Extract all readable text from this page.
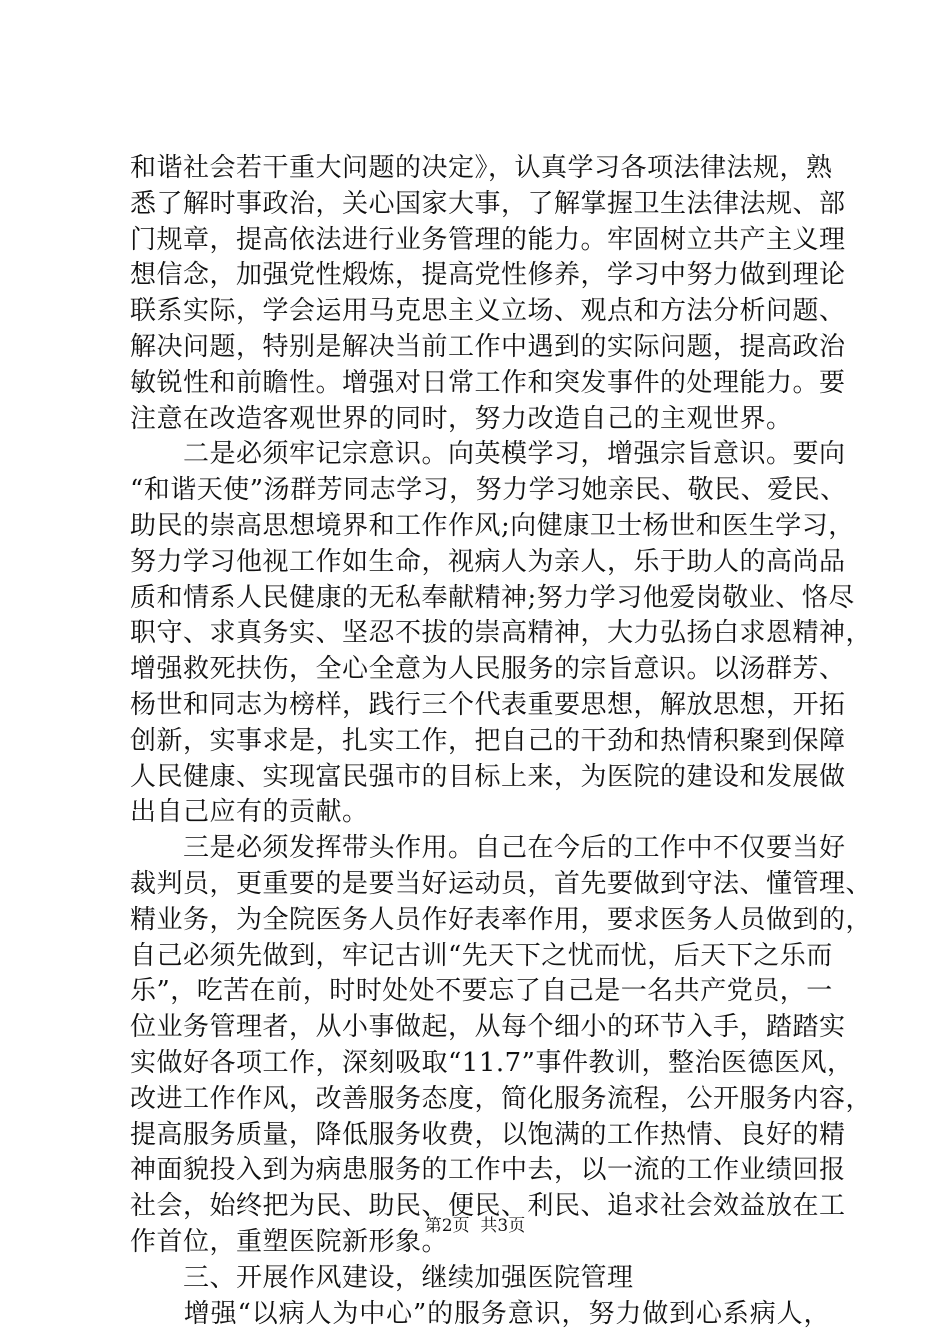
和谐社会若干重大问题的决定》，认真学习各项法律法规，熟
悉了解时事政治，关心国家大事，了解掌握卫生法律法规、部
门规章，提高依法进行业务管理的能力。牢固树立共产主义理
想信念，加强党性煅炼，提高党性修养，学习中努力做到理论
联系实际，学会运用马克思主义立场、观点和方法分析问题、
解决问题，特别是解决当前工作中遇到的实际问题，提高政治
敏锐性和前瞻性。增强对日常工作和突发事件的处理能力。要
注意在改造客观世界的同时，努力改造自己的主观世界。
　　二是必须牢记宗意识。向英模学习，增强宗旨意识。要向
“和谐天使”汤群芳同志学习，努力学习她亲民、敬民、爱民、
助民的崇高思想境界和工作作风;向健康卫士杨世和医生学习，
努力学习他视工作如生命，视病人为亲人，乐于助人的高尚品
质和情系人民健康的无私奉献精神;努力学习他爱岗敬业、恪尽
职守、求真务实、坚忍不拔的崇高精神，大力弘扬白求恩精神，
增强救死扶伤，全心全意为人民服务的宗旨意识。以汤群芳、
杨世和同志为榜样，践行三个代表重要思想，解放思想，开拓
创新，实事求是，扎实工作，把自己的干劲和热情积聚到保障
人民健康、实现富民强市的目标上来，为医院的建设和发展做
出自己应有的贡献。
　　三是必须发挥带头作用。自己在今后的工作中不仅要当好
裁判员，更重要的是要当好运动员，首先要做到守法、懂管理、
精业务，为全院医务人员作好表率作用，要求医务人员做到的，
自己必须先做到，牢记古训“先天下之忧而忧，后天下之乐而
乐”，吃苦在前，时时处处不要忘了自己是一名共产党员，一
位业务管理者，从小事做起，从每个细小的环节入手，踏踏实
实做好各项工作，深刻吸取“11.7”事件教训，整治医德医风，
改进工作作风，改善服务态度，简化服务流程，公开服务内容，
提高服务质量，降低服务收费，以饱满的工作热情、良好的精
神面貌投入到为病患服务的工作中去，以一流的工作业绩回报
社会，始终把为民、助民、便民、利民、追求社会效益放在工
作首位，重塑医院新形象。
　　三、开展作风建设，继续加强医院管理
　　增强“以病人为中心”的服务意识，努力做到心系病人，
第2页  共3页
